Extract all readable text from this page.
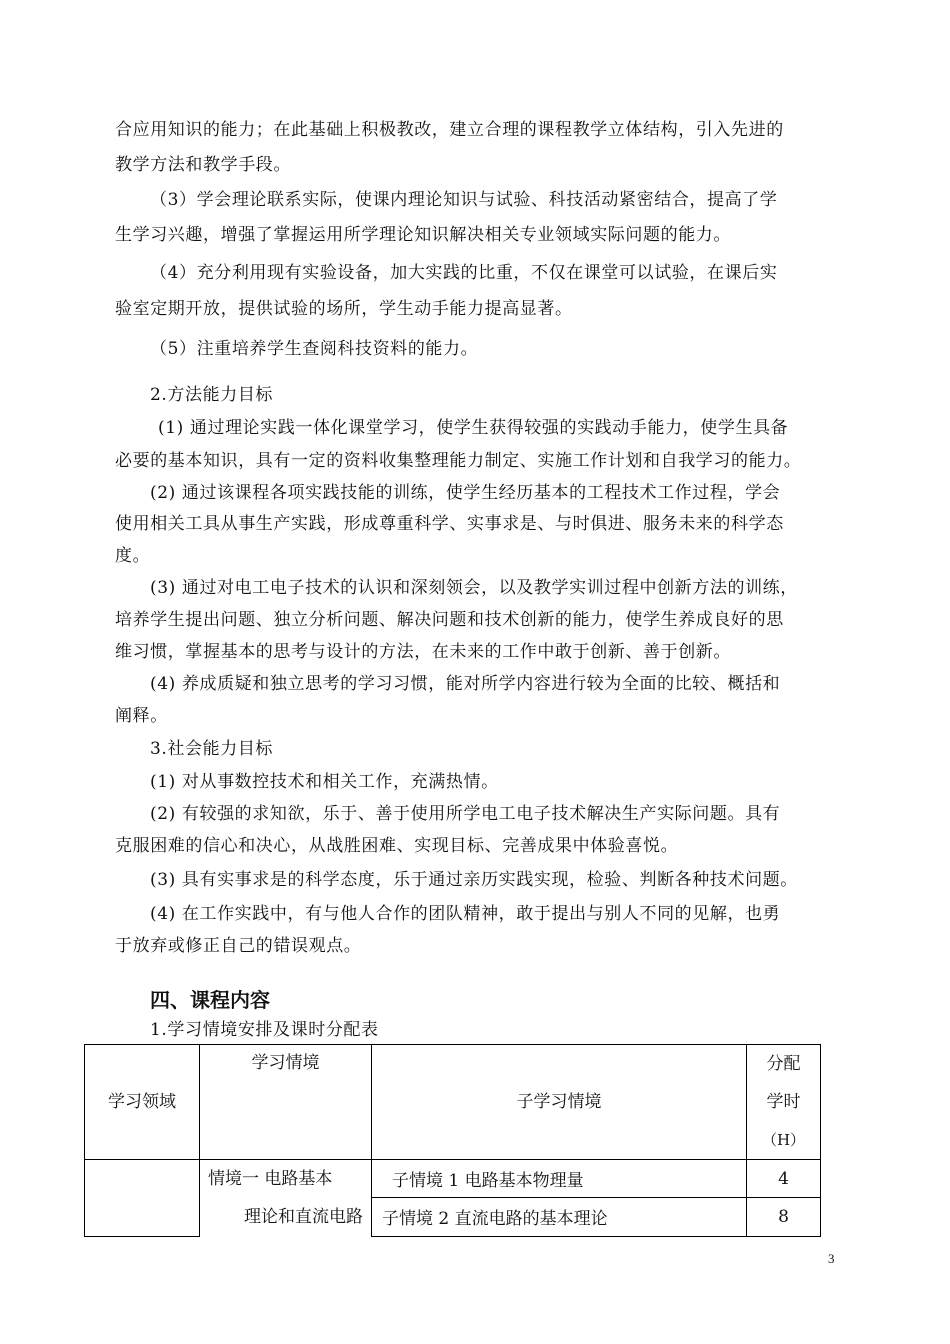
合应用知识的能力；在此基础上积极教改，建立合理的课程教学立体结构，引入先进的
教学方法和教学手段。
（3）学会理论联系实际，使课内理论知识与试验、科技活动紧密结合，提高了学
生学习兴趣，增强了掌握运用所学理论知识解决相关专业领域实际问题的能力。
（4）充分利用现有实验设备，加大实践的比重，不仅在课堂可以试验，在课后实
验室定期开放，提供试验的场所，学生动手能力提高显著。
（5）注重培养学生查阅科技资料的能力。
2.方法能力目标
(1) 通过理论实践一体化课堂学习，使学生获得较强的实践动手能力，使学生具备
必要的基本知识，具有一定的资料收集整理能力制定、实施工作计划和自我学习的能力。
(2) 通过该课程各项实践技能的训练，使学生经历基本的工程技术工作过程，学会
使用相关工具从事生产实践，形成尊重科学、实事求是、与时俱进、服务未来的科学态
度。
(3) 通过对电工电子技术的认识和深刻领会，以及教学实训过程中创新方法的训练，
培养学生提出问题、独立分析问题、解决问题和技术创新的能力，使学生养成良好的思
维习惯，掌握基本的思考与设计的方法，在未来的工作中敢于创新、善于创新。
(4) 养成质疑和独立思考的学习习惯，能对所学内容进行较为全面的比较、概括和
阐释。
3.社会能力目标
(1) 对从事数控技术和相关工作，充满热情。
(2) 有较强的求知欲，乐于、善于使用所学电工电子技术解决生产实际问题。具有
克服困难的信心和决心，从战胜困难、实现目标、完善成果中体验喜悦。
(3) 具有实事求是的科学态度，乐于通过亲历实践实现，检验、判断各种技术问题。
(4) 在工作实践中，有与他人合作的团队精神，敢于提出与别人不同的见解，也勇
于放弃或修正自己的错误观点。
四、课程内容
1.学习情境安排及课时分配表
学习领域	学习情境	子学习情境	分配
学时
（H）

	情境一 电路基本
理论和直流电路	子情境 1 电路基本物理量	4
		子情境 2 直流电路的基本理论	8
3
